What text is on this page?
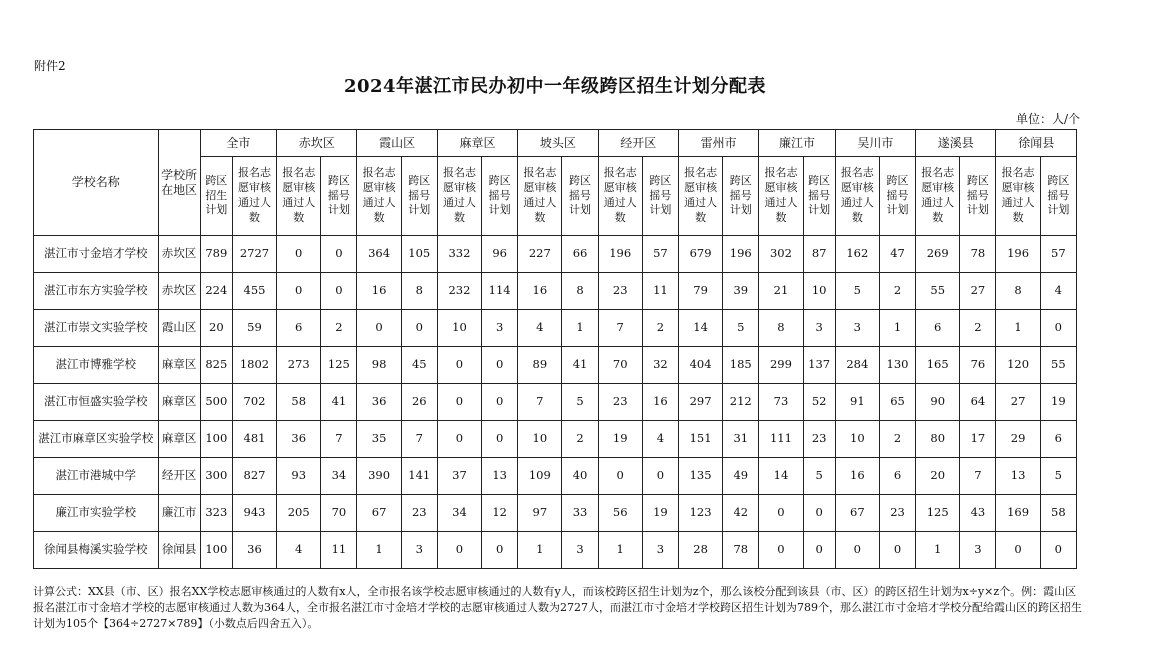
附件2
2024年湛江市民办初中一年级跨区招生计划分配表
单位：人/个
学校名称	学校所在地区	全市		赤坎区		霞山区		麻章区		坡头区		经开区		雷州市		廉江市		吴川市		遂溪县		徐闻县	
		跨区招生计划	报名志愿审核通过人数	报名志愿审核通过人数	跨区摇号计划	报名志愿审核通过人数	跨区摇号计划	报名志愿审核通过人数	跨区摇号计划	报名志愿审核通过人数	跨区摇号计划	报名志愿审核通过人数	跨区摇号计划	报名志愿审核通过人数	跨区摇号计划	报名志愿审核通过人数	跨区摇号计划	报名志愿审核通过人数	跨区摇号计划	报名志愿审核通过人数	跨区摇号计划	报名志愿审核通过人数	跨区摇号计划
湛江市寸金培才学校	赤坎区	789	2727	0	0	364	105	332	96	227	66	196	57	679	196	302	87	162	47	269	78	196	57
湛江市东方实验学校	赤坎区	224	455	0	0	16	8	232	114	16	8	23	11	79	39	21	10	5	2	55	27	8	4
湛江市崇文实验学校	霞山区	20	59	6	2	0	0	10	3	4	1	7	2	14	5	8	3	3	1	6	2	1	0
湛江市博雅学校	麻章区	825	1802	273	125	98	45	0	0	89	41	70	32	404	185	299	137	284	130	165	76	120	55
湛江市恒盛实验学校	麻章区	500	702	58	41	36	26	0	0	7	5	23	16	297	212	73	52	91	65	90	64	27	19
湛江市麻章区实验学校	麻章区	100	481	36	7	35	7	0	0	10	2	19	4	151	31	111	23	10	2	80	17	29	6
湛江市港城中学	经开区	300	827	93	34	390	141	37	13	109	40	0	0	135	49	14	5	16	6	20	7	13	5
廉江市实验学校	廉江市	323	943	205	70	67	23	34	12	97	33	56	19	123	42	0	0	67	23	125	43	169	58
徐闻县梅溪实验学校	徐闻县	100	36	4	11	1	3	0	0	1	3	1	3	28	78	0	0	0	0	1	3	0	0
计算公式：XX县（市、区）报名XX学校志愿审核通过的人数有x人，全市报名该学校志愿审核通过的人数有y人，而该校跨区招生计划为z个，那么该校分配到该县（市、区）的跨区招生计划为x÷y×z个。例：霞山区报名湛江市寸金培才学校的志愿审核通过人数为364人，全市报名湛江市寸金培才学校的志愿审核通过人数为2727人，而湛江市寸金培才学校跨区招生计划为789个，那么湛江市寸金培才学校分配给霞山区的跨区招生计划为105个【364÷2727×789】（小数点后四舍五入）。
